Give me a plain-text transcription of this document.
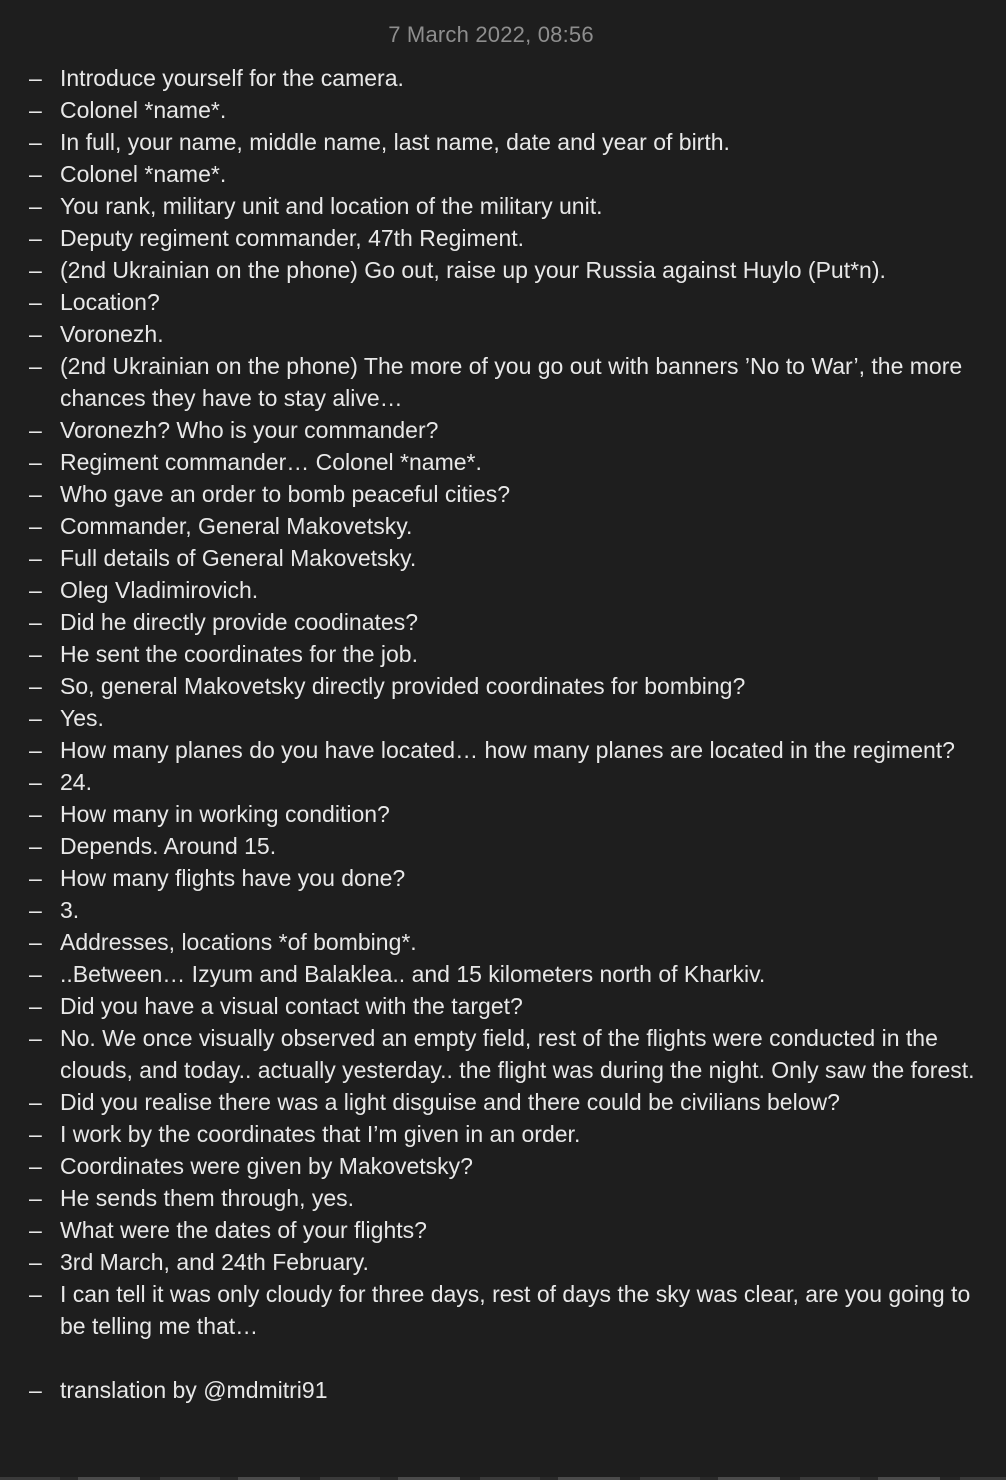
7 March 2022, 08:56
– Introduce yourself for the camera.
– Colonel *name*.
– In full, your name, middle name, last name, date and year of birth.
– Colonel *name*.
– You rank, military unit and location of the military unit.
– Deputy regiment commander, 47th Regiment.
– (2nd Ukrainian on the phone) Go out, raise up your Russia against Huylo (Put*n).
– Location?
– Voronezh.
– (2nd Ukrainian on the phone) The more of you go out with banners ’No to War’, the more chances they have to stay alive…
– Voronezh? Who is your commander?
– Regiment commander… Colonel *name*.
– Who gave an order to bomb peaceful cities?
– Commander, General Makovetsky.
– Full details of General Makovetsky.
– Oleg Vladimirovich.
– Did he directly provide coodinates?
– He sent the coordinates for the job.
– So, general Makovetsky directly provided coordinates for bombing?
– Yes.
– How many planes do you have located… how many planes are located in the regiment?
– 24.
– How many in working condition?
– Depends. Around 15.
– How many flights have you done?
– 3.
– Addresses, locations *of bombing*.
– ..Between… Izyum and Balaklea.. and 15 kilometers north of Kharkiv.
– Did you have a visual contact with the target?
– No. We once visually observed an empty field, rest of the flights were conducted in the clouds, and today.. actually yesterday.. the flight was during the night. Only saw the forest.
– Did you realise there was a light disguise and there could be civilians below?
– I work by the coordinates that I’m given in an order.
– Coordinates were given by Makovetsky?
– He sends them through, yes.
– What were the dates of your flights?
– 3rd March, and 24th February.
– I can tell it was only cloudy for three days, rest of days the sky was clear, are you going to be telling me that…
– translation by @mdmitri91
